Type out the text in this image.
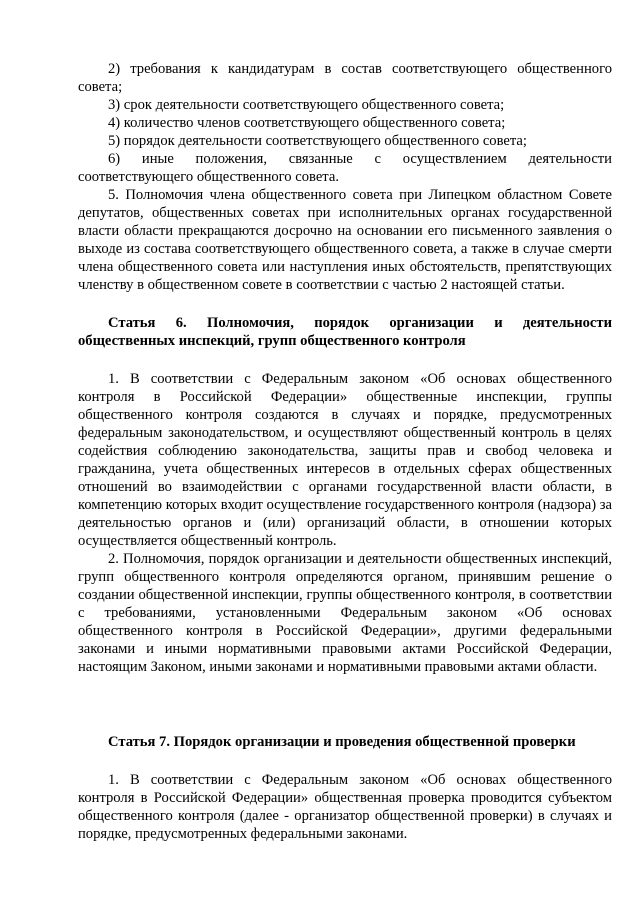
2) требования к кандидатурам в состав соответствующего общественного совета;

3) срок деятельности соответствующего общественного совета;

4) количество членов соответствующего общественного совета;

5) порядок деятельности соответствующего общественного совета;

6) иные положения, связанные с осуществлением деятельности соответствующего общественного совета.

5. Полномочия члена общественного совета при Липецком областном Совете депутатов, общественных советах при исполнительных органах государственной власти области прекращаются досрочно на основании его письменного заявления о выходе из состава соответствующего общественного совета, а также в случае смерти члена общественного совета или наступления иных обстоятельств, препятствующих членству в общественном совете в соответствии с частью 2 настоящей статьи.

Статья 6. Полномочия, порядок организации и деятельности общественных инспекций, групп общественного контроля

1. В соответствии с Федеральным законом «Об основах общественного контроля в Российской Федерации» общественные инспекции, группы общественного контроля создаются в случаях и порядке, предусмотренных федеральным законодательством, и осуществляют общественный контроль в целях содействия соблюдению законодательства, защиты прав и свобод человека и гражданина, учета общественных интересов в отдельных сферах общественных отношений во взаимодействии с органами государственной власти области, в компетенцию которых входит осуществление государственного контроля (надзора) за деятельностью органов и (или) организаций области, в отношении которых осуществляется общественный контроль.

2. Полномочия, порядок организации и деятельности общественных инспекций, групп общественного контроля определяются органом, принявшим решение о создании общественной инспекции, группы общественного контроля, в соответствии с требованиями, установленными Федеральным законом «Об основах общественного контроля в Российской Федерации», другими федеральными законами и иными нормативными правовыми актами Российской Федерации, настоящим Законом, иными законами и нормативными правовыми актами области.

Статья 7. Порядок организации и проведения общественной проверки

1. В соответствии с Федеральным законом «Об основах общественного контроля в Российской Федерации» общественная проверка проводится субъектом общественного контроля (далее - организатор общественной проверки) в случаях и порядке, предусмотренных федеральными законами.
